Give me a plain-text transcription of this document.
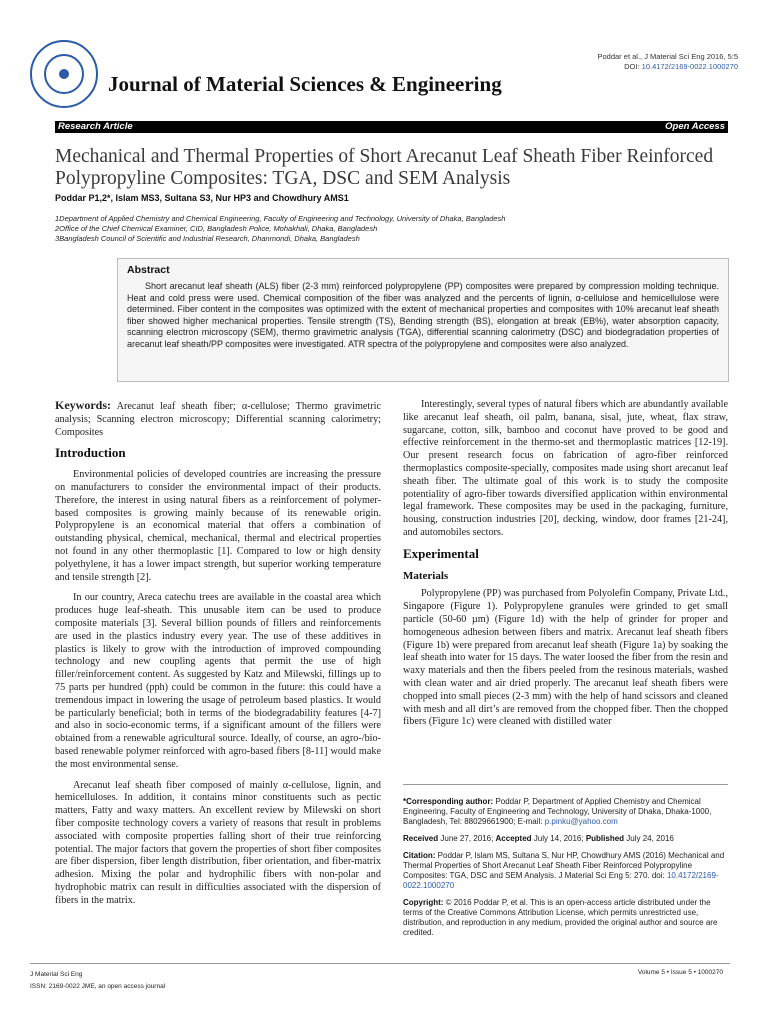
Journal of Material Sciences & Engineering
Poddar et al., J Material Sci Eng 2016, 5:5
DOI: 10.4172/2169-0022.1000270
Research Article	Open Access
Mechanical and Thermal Properties of Short Arecanut Leaf Sheath Fiber Reinforced Polypropyline Composites: TGA, DSC and SEM Analysis
Poddar P1,2*, Islam MS3, Sultana S3, Nur HP3 and Chowdhury AMS1
1Department of Applied Chemistry and Chemical Engineering, Faculty of Engineering and Technology, University of Dhaka, Bangladesh
2Office of the Chief Chemical Examiner, CID, Bangladesh Police, Mohakhali, Dhaka, Bangladesh
3Bangladesh Council of Scientific and Industrial Research, Dhanmondi, Dhaka, Bangladesh
Abstract

Short arecanut leaf sheath (ALS) fiber (2-3 mm) reinforced polypropylene (PP) composites were prepared by compression molding technique. Heat and cold press were used. Chemical composition of the fiber was analyzed and the percents of lignin, α-cellulose and hemicellulose were determined. Fiber content in the composites was optimized with the extent of mechanical properties and composites with 10% arecanut leaf sheath fiber showed higher mechanical properties. Tensile strength (TS), Bending strength (BS), elongation at break (EB%), water absorption capacity, scanning electron microscopy (SEM), thermo gravimetric analysis (TGA), differential scanning calorimetry (DSC) and biodegradation properties of arecanut leaf sheath/PP composites were investigated. ATR spectra of the polypropylene and composites were also analyzed.

Keywords: Arecanut leaf sheath fiber; α-cellulose; Thermo gravimetric analysis; Scanning electron microscopy; Differential scanning calorimetry; Composites

Introduction

Environmental policies of developed countries are increasing the pressure on manufacturers to consider the environmental impact of their products. Therefore, the interest in using natural fibers as a reinforcement of polymer-based composites is growing mainly because of its renewable origin. Polypropylene is an economical material that offers a combination of outstanding physical, chemical, mechanical, thermal and electrical properties not found in any other thermoplastic [1]. Compared to low or high density polyethylene, it has a lower impact strength, but superior working temperature and tensile strength [2].

In our country, Areca catechu trees are available in the coastal area which produces huge leaf-sheath. This unusable item can be used to produce composite materials [3]. Several billion pounds of fillers and reinforcements are used in the plastics industry every year. The use of these additives in plastics is likely to grow with the introduction of improved compounding technology and new coupling agents that permit the use of high filler/reinforcement content. As suggested by Katz and Milewski, fillings up to 75 parts per hundred (pph) could be common in the future: this could have a tremendous impact in lowering the usage of petroleum based plastics. It would be particularly beneficial; both in terms of the biodegradability features [4-7] and also in socio-economic terms, if a significant amount of the fillers were obtained from a renewable agricultural source. Ideally, of course, an agro-/bio-based renewable polymer reinforced with agro-based fibers [8-11] would make the most environmental sense.

Arecanut leaf sheath fiber composed of mainly α-cellulose, lignin, and hemicelluloses. In addition, it contains minor constituents such as pectic matters, Fatty and waxy matters. An excellent review by Milewski on short fiber composite technology covers a variety of reasons that result in problems associated with composite properties falling short of their true reinforcing potential. The major factors that govern the properties of short fiber composites are fiber dispersion, fiber length distribution, fiber orientation, and fiber-matrix adhesion. Mixing the polar and hydrophilic fibers with non-polar and hydrophobic matrix can result in difficulties associated with the dispersion of fibers in the matrix.

Interestingly, several types of natural fibers which are abundantly available like arecanut leaf sheath, oil palm, banana, sisal, jute, wheat, flax straw, sugarcane, cotton, silk, bamboo and coconut have proved to be good and effective reinforcement in the thermo-set and thermoplastic matrices [12-19]. Our present research focus on fabrication of agro-fiber reinforced thermoplastics composite-specially, composites made using short arecanut leaf sheath fiber. The ultimate goal of this work is to study the composite potentiality of agro-fiber towards diversified application within environmental legal framework. These composites may be used in the packaging, furniture, housing, construction industries [20], decking, window, door frames [21-24], and automobiles sectors.

Experimental
Materials

Polypropylene (PP) was purchased from Polyolefin Company, Private Ltd., Singapore (Figure 1). Polypropylene granules were grinded to get small particle (50-60 µm) (Figure 1d) with the help of grinder for proper and homogeneous adhesion between fibers and matrix. Arecanut leaf sheath fibers (Figure 1b) were prepared from arecanut leaf sheath (Figure 1a) by soaking the leaf sheath into water for 15 days. The water loosed the fiber from the resin and waxy materials and then the fibers peeled from the resinous materials, washed with clean water and air dried properly. The arecanut leaf sheath fibers were chopped into small pieces (2-3 mm) with the help of hand scissors and cleaned with mesh and all dirt’s are removed from the chopped fiber. Then the chopped fibers (Figure 1c) were cleaned with distilled water

*Corresponding author: Poddar P, Department of Applied Chemistry and Chemical Engineering, Faculty of Engineering and Technology, University of Dhaka, Dhaka-1000, Bangladesh, Tel: 88029661900; E-mail: p.pinku@yahoo.com

Received June 27, 2016; Accepted July 14, 2016; Published July 24, 2016

Citation: Poddar P, Islam MS, Sultana S, Nur HP, Chowdhury AMS (2016) Mechanical and Thermal Properties of Short Arecanut Leaf Sheath Fiber Reinforced Polypropyline Composites: TGA, DSC and SEM Analysis. J Material Sci Eng 5: 270. doi: 10.4172/2169-0022.1000270

Copyright: © 2016 Poddar P, et al. This is an open-access article distributed under the terms of the Creative Commons Attribution License, which permits unrestricted use, distribution, and reproduction in any medium, provided the original author and source are credited.

J Material Sci Eng
ISSN: 2169-0022 JME, an open access journal
Volume 5 • Issue 5 • 1000270
